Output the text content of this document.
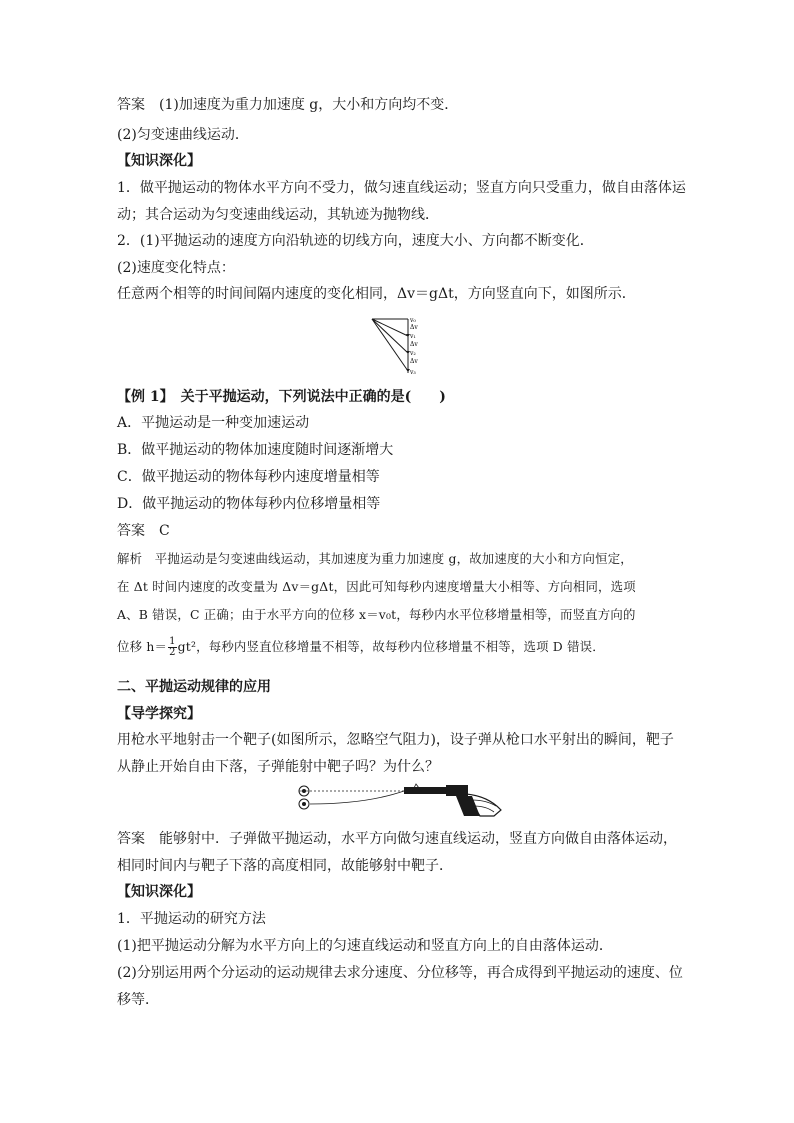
答案　(1)加速度为重力加速度 g，大小和方向均不变．
(2)匀变速曲线运动．
【知识深化】
1．做平抛运动的物体水平方向不受力，做匀速直线运动；竖直方向只受重力，做自由落体运
动；其合运动为匀变速曲线运动，其轨迹为抛物线．
2．(1)平抛运动的速度方向沿轨迹的切线方向，速度大小、方向都不断变化．
(2)速度变化特点：
任意两个相等的时间间隔内速度的变化相同，Δv＝gΔt，方向竖直向下，如图所示．
v₀
Δv
v₁
Δv
v₂
Δv
v₃
【例 1】　关于平抛运动，下列说法中正确的是(　　)
A．平抛运动是一种变加速运动
B．做平抛运动的物体加速度随时间逐渐增大
C．做平抛运动的物体每秒内速度增量相等
D．做平抛运动的物体每秒内位移增量相等
答案　C
解析　平抛运动是匀变速曲线运动，其加速度为重力加速度 g，故加速度的大小和方向恒定，
在 Δt 时间内速度的改变量为 Δv＝gΔt，因此可知每秒内速度增量大小相等、方向相同，选项
A、B 错误，C 正确；由于水平方向的位移 x＝v₀t，每秒内水平位移增量相等，而竖直方向的
位移 $h= \frac{1}{2} gt^2$，每秒内竖直位移增量不相等，故每秒内位移增量不相等，选项 D 错误．
二、平抛运动规律的应用
【导学探究】
用枪水平地射击一个靶子(如图所示，忽略空气阻力)，设子弹从枪口水平射出的瞬间，靶子
从静止开始自由下落，子弹能射中靶子吗？为什么？
答案　能够射中．子弹做平抛运动，水平方向做匀速直线运动，竖直方向做自由落体运动，
相同时间内与靶子下落的高度相同，故能够射中靶子．
【知识深化】
1．平抛运动的研究方法
(1)把平抛运动分解为水平方向上的匀速直线运动和竖直方向上的自由落体运动．
(2)分别运用两个分运动的运动规律去求分速度、分位移等，再合成得到平抛运动的速度、位
移等．
